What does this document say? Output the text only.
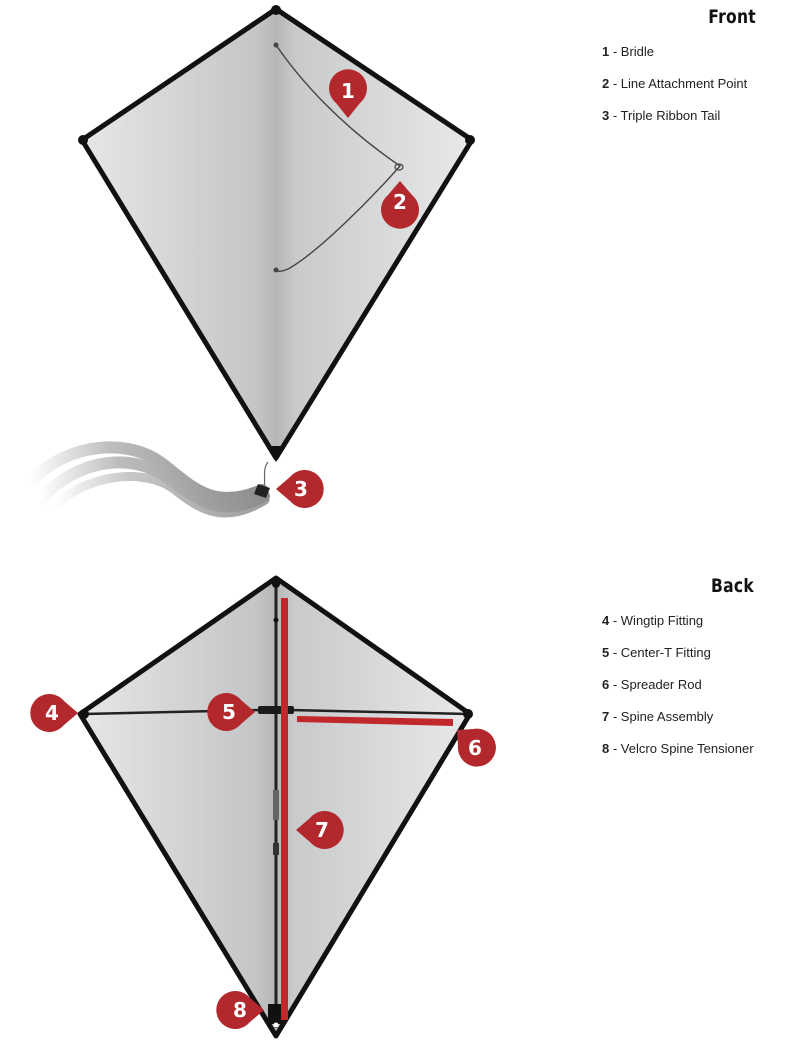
1
2
3
4	5
6
7
8
Front
1 - Bridle
2 - Line Attachment Point
3 - Triple Ribbon Tail
Back
4 - Wingtip Fitting
5 - Center-T Fitting
6 - Spreader Rod
7 - Spine Assembly
8 - Velcro Spine Tensioner
